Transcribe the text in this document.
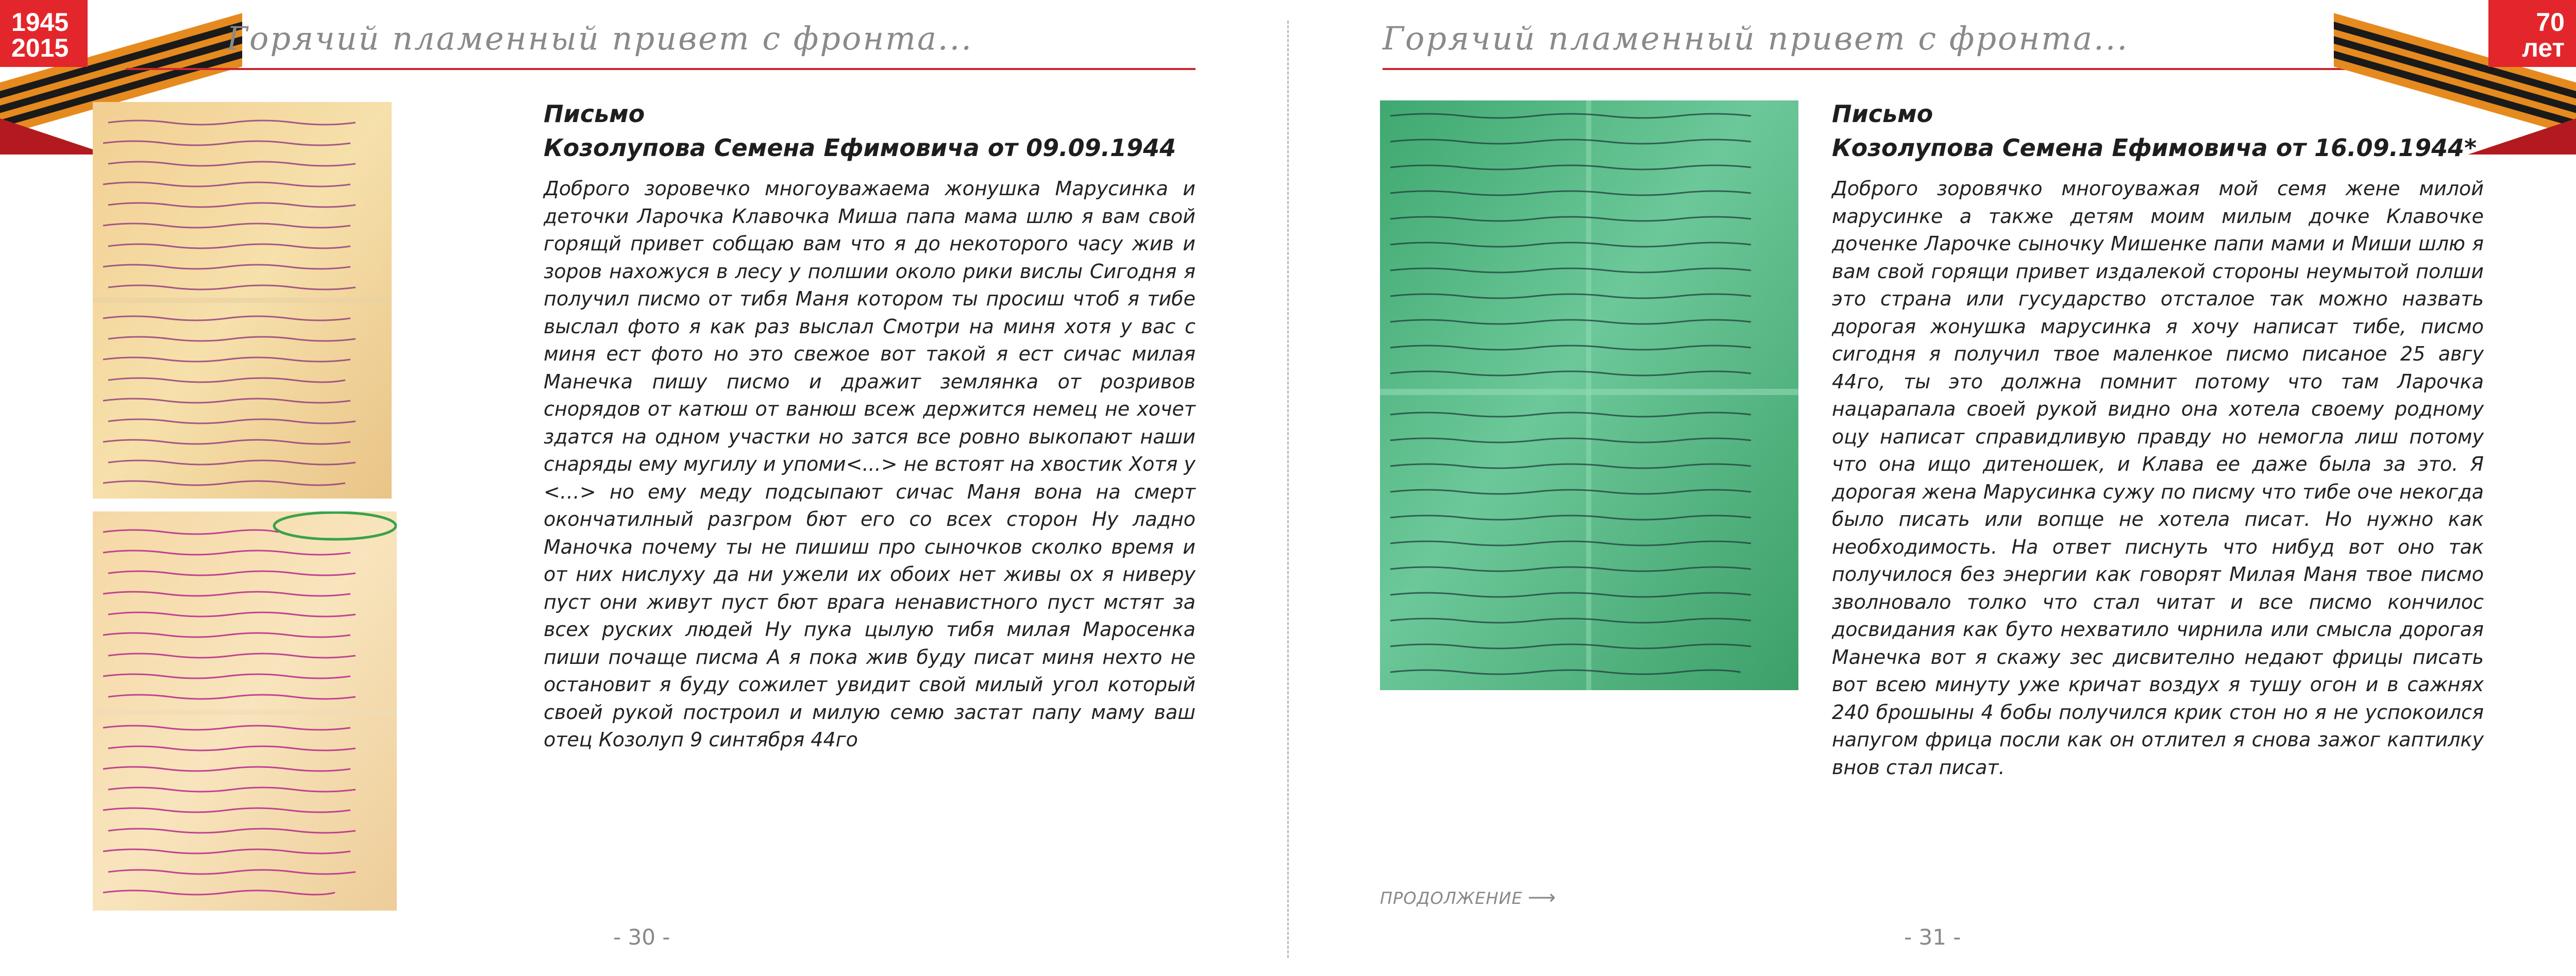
1945
2015	Горячий пламенный привет с фронта...
Письмо
Козолупова Семена Ефимовича от 09.09.1944
Доброго зоровечко многоуважаема жонушка Марусинка и деточки Ларочка Клавочка Миша папа мама шлю я вам свой горящй привет собщаю вам что я до некоторого часу жив и зоров нахожуся в лесу у полшии около рики вислы Сигодня я получил писмо от тибя Маня котором ты просиш чтоб я тибе выслал фото я как раз выслал Смотри на миня хотя у вас с миня ест фото но это свежое вот такой я ест сичас милая Манечка пишу писмо и дражит землянка от розривов снорядов от катюш от ванюш всеж держится немец не хочет здатся на одном участки но затся все ровно выкопают наши снаряды ему мугилу и упоми<...> не встоят на хвостик Хотя у <…> но ему меду подсыпают сичас Маня вона на смерт окончатилный разгром бют его со всех сторон Ну ладно Маночка почему ты не пишиш про сыночков сколко время и от них нислуху да ни ужели их обоих нет живы ох я ниверу пуст они живут пуст бют врага ненавистного пуст мстят за всех руских людей Ну пука цылую тибя милая Маросенка пиши почаще писма А я пока жив буду писат миня нехто не остановит я буду сожилет увидит свой милый угол который своей рукой построил и милую семю застат папу маму ваш отец Козолуп 9 синтября 44го
- 30 -
Горячий пламенный привет с фронта...	70
лет
Письмо
Козолупова Семена Ефимовича от 16.09.1944*
Доброго зоровячко многоуважая мой семя жене милой марусинке а также детям моим милым дочке Клавочке доченке Ларочке сыночку Мишенке папи мами и Миши шлю я вам свой горящи привет издалекой стороны неумытой полши это страна или гусударство отсталое так можно назвать дорогая жонушка марусинка я хочу написат тибе, писмо сигодня я получил твое маленкое писмо писаное 25 авгу 44го, ты это должна помнит потому что там Ларочка нацарапала своей рукой видно она хотела своему родному оцу написат справидливую правду но немогла лиш потому что она ищо дитеношек, и Клава ее даже была за это. Я дорогая жена Марусинка сужу по писму что тибе оче некогда было писать или вопще не хотела писат. Но нужно как необходимость. На ответ писнуть что нибуд вот оно так получилося без энергии как говорят Милая Маня твое писмо зволновало толко что стал читат и все писмо кончилос досвидания как буто нехватило чирнила или смысла дорогая Манечка вот я скажу зес дисвително недают фрицы писать вот всею минуту уже кричат воздух я тушу огон и в сажнях 240 брошыны 4 бобы получился крик стон но я не успокоился напугом фрица посли как он отлител я снова зажог каптилку внов стал писат.
ПРОДОЛЖЕНИЕ ⟶
- 31 -
